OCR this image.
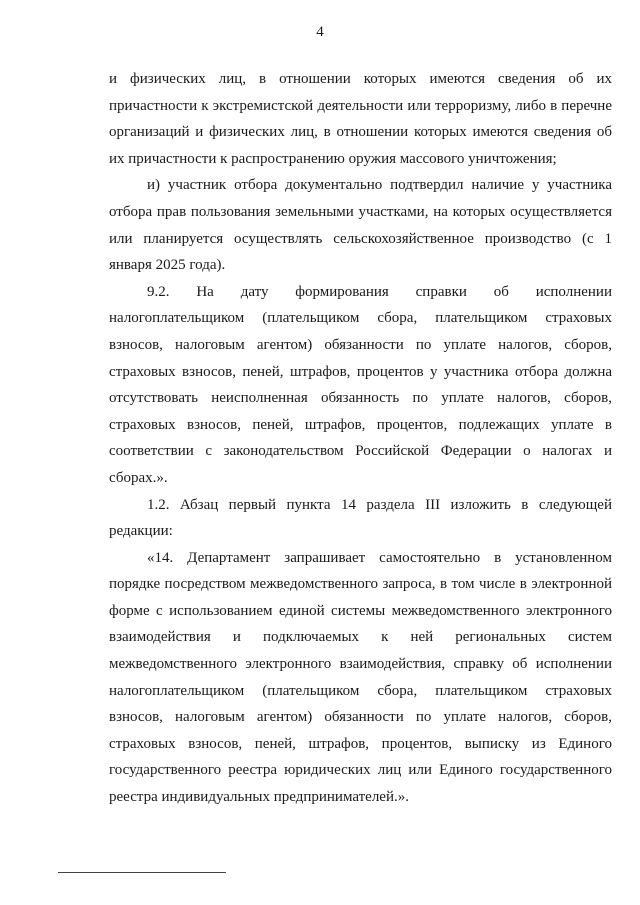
4

и физических лиц, в отношении которых имеются сведения об их причастности к экстремистской деятельности или терроризму, либо в перечне организаций и физических лиц, в отношении которых имеются сведения об их причастности к распространению оружия массового уничтожения;

и) участник отбора документально подтвердил наличие у участника отбора прав пользования земельными участками, на которых осуществляется или планируется осуществлять сельскохозяйственное производство (с 1 января 2025 года).

9.2. На дату формирования справки об исполнении налогоплательщиком (плательщиком сбора, плательщиком страховых взносов, налоговым агентом) обязанности по уплате налогов, сборов, страховых взносов, пеней, штрафов, процентов у участника отбора должна отсутствовать неисполненная обязанность по уплате налогов, сборов, страховых взносов, пеней, штрафов, процентов, подлежащих уплате в соответствии с законодательством Российской Федерации о налогах и сборах.».

1.2. Абзац первый пункта 14 раздела III изложить в следующей редакции:

«14. Департамент запрашивает самостоятельно в установленном порядке посредством межведомственного запроса, в том числе в электронной форме с использованием единой системы межведомственного электронного взаимодействия и подключаемых к ней региональных систем межведомственного электронного взаимодействия, справку об исполнении налогоплательщиком (плательщиком сбора, плательщиком страховых взносов, налоговым агентом) обязанности по уплате налогов, сборов, страховых взносов, пеней, штрафов, процентов, выписку из Единого государственного реестра юридических лиц или Единого государственного реестра индивидуальных предпринимателей.».
